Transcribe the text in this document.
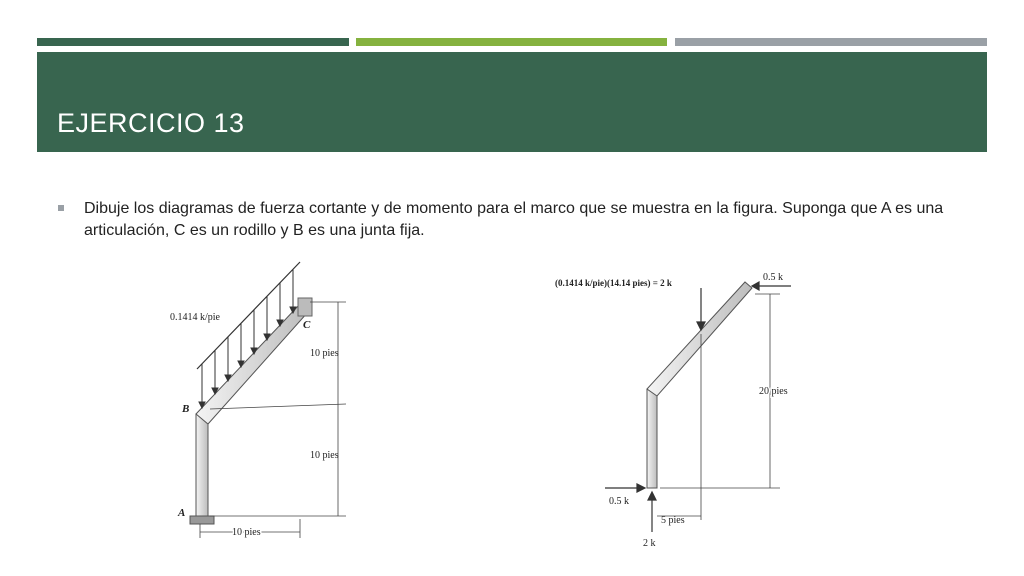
EJERCICIO 13
Dibuje los diagramas de fuerza cortante y de momento para el marco que se muestra en la figura. Suponga que A es una articulación, C es un rodillo y B es una junta fija.
0.1414 k/pie
C
B
A
10 pies
10 pies
10 pies
(0.1414 k/pie)(14.14 pies) = 2 k	0.5 k
20 pies
0.5 k
5 pies
2 k
